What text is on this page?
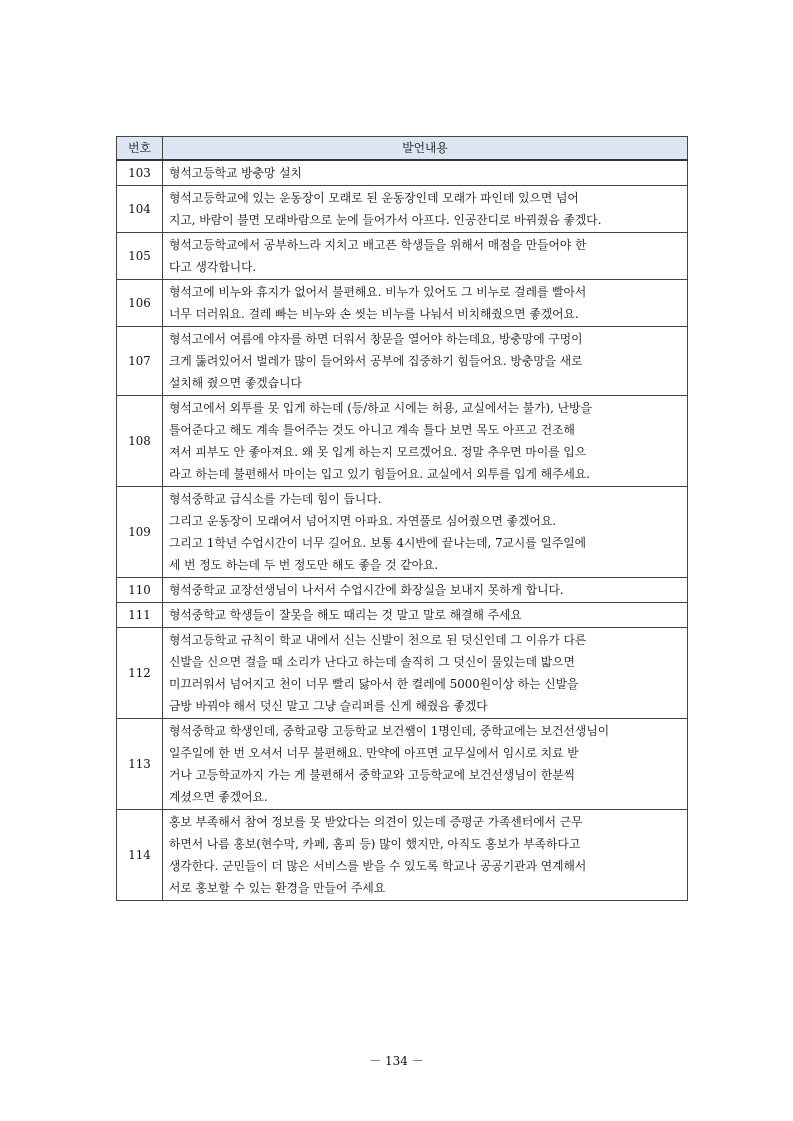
번호	발언내용
103	형석고등학교 방충망 설치

104	형석고등학교에 있는 운동장이 모래로 된 운동장인데 모래가 파인데 있으면 넘어
지고, 바람이 불면 모래바람으로 눈에 들어가서 아프다. 인공잔디로 바꿔줬음 좋겠다.

105	형석고등학교에서 공부하느라 지치고 배고픈 학생들을 위해서 매점을 만들어야 한
다고 생각합니다.

106	형석고에 비누와 휴지가 없어서 불편해요. 비누가 있어도 그 비누로 걸레를 빨아서
너무 더러워요. 걸레 빠는 비누와 손 씻는 비누를 나눠서 비치해줬으면 좋겠어요.

107	형석고에서 여름에 야자를 하면 더워서 창문을 열어야 하는데요, 방충망에 구멍이
크게 뚫려있어서 벌레가 많이 들어와서 공부에 집중하기 힘들어요. 방충망을 새로
설치해 줬으면 좋겠습니다

108	형석고에서 외투를 못 입게 하는데 (등/하교 시에는 허용, 교실에서는 불가), 난방을
틀어준다고 해도 계속 틀어주는 것도 아니고 계속 틀다 보면 목도 아프고 건조해
져서 피부도 안 좋아져요. 왜 못 입게 하는지 모르겠어요. 정말 추우면 마이를 입으
라고 하는데 불편해서 마이는 입고 있기 힘들어요. 교실에서 외투를 입게 해주세요.

109	형석중학교 급식소를 가는데 힘이 듭니다.
그리고 운동장이 모래여서 넘어지면 아파요. 자연풀로 심어줬으면 좋겠어요.
그리고 1학년 수업시간이 너무 길어요. 보통 4시반에 끝나는데, 7교시를 일주일에
세 번 정도 하는데 두 번 정도만 해도 좋을 것 같아요.

110	형석중학교 교장선생님이 나서서 수업시간에 화장실을 보내지 못하게 합니다.

111	형석중학교 학생들이 잘못을 해도 때리는 것 말고 말로 해결해 주세요

112	형석고등학교 규칙이 학교 내에서 신는 신발이 천으로 된 덧신인데 그 이유가 다른
신발을 신으면 걸을 때 소리가 난다고 하는데 솔직히 그 덧신이 물있는데 밟으면
미끄러워서 넘어지고 천이 너무 빨리 닳아서 한 켤레에 5000원이상 하는 신발을
금방 바꿔야 해서 덧신 말고 그냥 슬리퍼를 신게 해줬음 좋겠다

113	형석중학교 학생인데, 중학교랑 고등학교 보건쌤이 1명인데, 중학교에는 보건선생님이
일주일에 한 번 오셔서 너무 불편해요. 만약에 아프면 교무실에서 임시로 치료 받
거나 고등학교까지 가는 게 불편해서 중학교와 고등학교에 보건선생님이 한분씩
계셨으면 좋겠어요.

114	홍보 부족해서 참여 정보를 못 받았다는 의견이 있는데 증평군 가족센터에서 근무
하면서 나름 홍보(현수막, 카페, 홈피 등) 많이 했지만, 아직도 홍보가 부족하다고
생각한다. 군민들이 더 많은 서비스를 받을 수 있도록 학교나 공공기관과 연계해서
서로 홍보할 수 있는 환경을 만들어 주세요
－ 134 －
